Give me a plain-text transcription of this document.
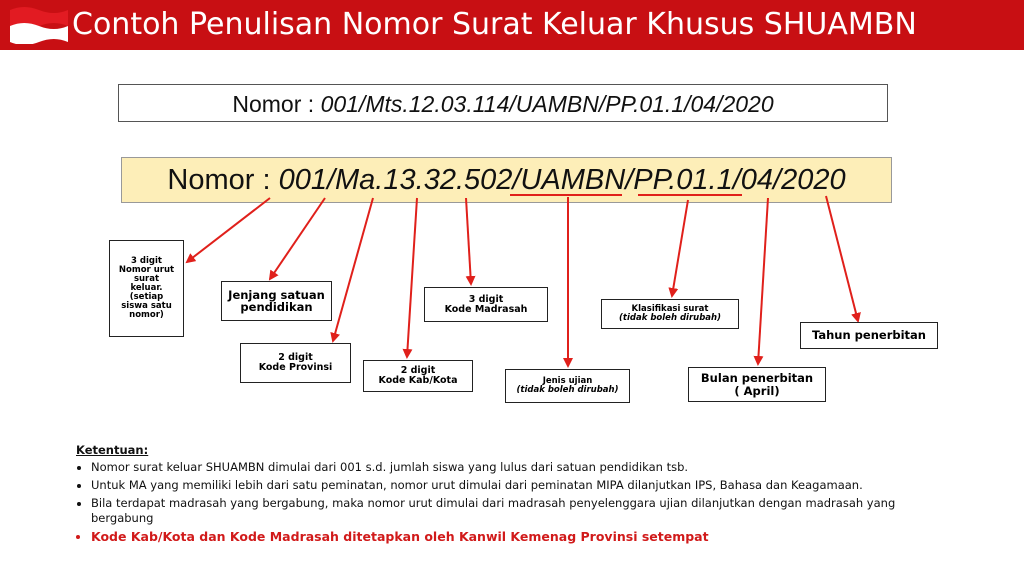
Contoh Penulisan Nomor Surat Keluar Khusus SHUAMBN
Nomor : 001/Mts.12.03.114/UAMBN/PP.01.1/04/2020
Nomor : 001/Ma.13.32.502/UAMBN/PP.01.1/04/2020
3 digit
Nomor urut
surat
keluar.
(setiap
siswa satu
nomor)
Jenjang satuan
pendidikan
2 digit
Kode Provinsi	2 digit
Kode Kab/Kota
3 digit
Kode Madrasah
Jenis ujian
(tidak boleh dirubah)
Klasifikasi surat
(tidak boleh dirubah)
Bulan penerbitan
( April)
Tahun penerbitan
Ketentuan:
• Nomor surat keluar SHUAMBN dimulai dari 001 s.d. jumlah siswa yang lulus dari satuan pendidikan tsb.
• Untuk MA yang memiliki lebih dari satu peminatan, nomor urut dimulai dari peminatan MIPA dilanjutkan IPS, Bahasa dan Keagamaan.
• Bila terdapat madrasah yang bergabung, maka nomor urut dimulai dari madrasah penyelenggara ujian dilanjutkan dengan madrasah yang bergabung
• Kode Kab/Kota dan Kode Madrasah ditetapkan oleh Kanwil Kemenag Provinsi setempat
